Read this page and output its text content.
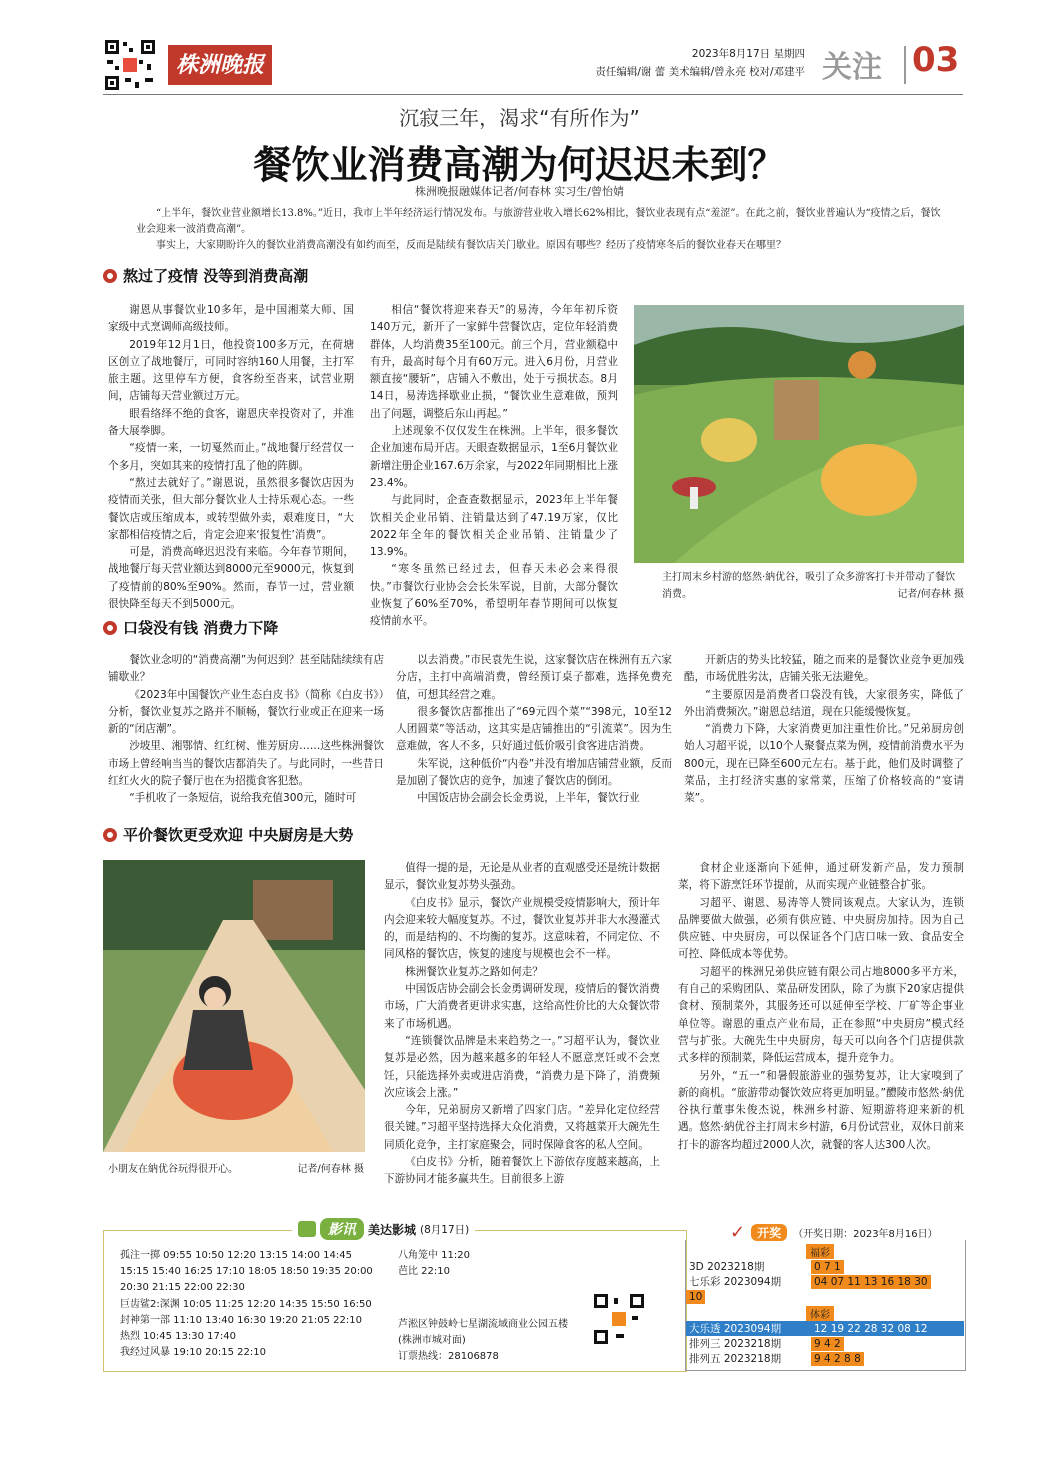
株洲晚报	2023年8月17日 星期四
责任编辑/谢 蕾 美术编辑/曾永亮 校对/邓建平 关注 03
沉寂三年，渴求“有所作为”
餐饮业消费高潮为何迟迟未到？
株洲晚报融媒体记者/何春林 实习生/曾怡婧
“上半年，餐饮业营业额增长13.8%。”近日，我市上半年经济运行情况发布。与旅游营业收入增长62%相比，餐饮业表现有点“羞涩”。在此之前，餐饮业普遍认为“疫情之后，餐饮业会迎来一波消费高潮”。
事实上，大家期盼许久的餐饮业消费高潮没有如约而至，反而是陆续有餐饮店关门歇业。原因有哪些？经历了疫情寒冬后的餐饮业春天在哪里？
熬过了疫情 没等到消费高潮

谢恩从事餐饮业10多年，是中国湘菜大师、国家级中式烹调师高级技师。

2019年12月1日，他投资100多万元，在荷塘区创立了战地餐厅，可同时容纳160人用餐，主打军旅主题。这里停车方便，食客纷至沓来，试营业期间，店铺每天营业额过万元。

眼看络绎不绝的食客，谢恩庆幸投资对了，并准备大展拳脚。

“疫情一来，一切戛然而止。”战地餐厅经营仅一个多月，突如其来的疫情打乱了他的阵脚。

“熬过去就好了。”谢恩说，虽然很多餐饮店因为疫情而关张，但大部分餐饮业人士持乐观心态。一些餐饮店或压缩成本，或转型做外卖，艰难度日，“大家都相信疫情之后，肯定会迎来‘报复性’消费”。

可是，消费高峰迟迟没有来临。今年春节期间，战地餐厅每天营业额达到8000元至9000元，恢复到了疫情前的80%至90%。然而，春节一过，营业额很快降至每天不到5000元。

相信“餐饮将迎来春天”的易涛，今年年初斥资140万元，新开了一家鲜牛营餐饮店，定位年轻消费群体，人均消费35至100元。前三个月，营业额稳中有升，最高时每个月有60万元。进入6月份，月营业额直接“腰斩”，店铺入不敷出，处于亏损状态。8月14日，易涛选择歇业止损，“餐饮业生意难做，预判出了问题，调整后东山再起。”

上述现象不仅仅发生在株洲。上半年，很多餐饮企业加速布局开店。天眼查数据显示，1至6月餐饮业新增注册企业167.6万余家，与2022年同期相比上涨23.4%。

与此同时，企查查数据显示，2023年上半年餐饮相关企业吊销、注销量达到了47.19万家，仅比2022年全年的餐饮相关企业吊销、注销量少了13.9%。

“寒冬虽然已经过去，但春天未必会来得很快。”市餐饮行业协会会长朱军说，目前，大部分餐饮业恢复了60%至70%，希望明年春节期间可以恢复疫情前水平。

主打周末乡村游的悠然·納优谷，吸引了众多游客打卡并带动了餐饮消费。	记者/何春林 摄
口袋没有钱 消费力下降

餐饮业念叨的“消费高潮”为何迟到？甚至陆陆续续有店铺歇业？

《2023年中国餐饮产业生态白皮书》（简称《白皮书》）分析，餐饮业复苏之路并不顺畅，餐饮行业或正在迎来一场新的“闭店潮”。

沙坡里、湘鄂情、红红树、惟芳厨房……这些株洲餐饮市场上曾经响当当的餐饮店都消失了。与此同时，一些昔日红红火火的院子餐厅也在为招揽食客犯愁。

“手机收了一条短信，说给我充值300元，随时可

以去消费。”市民袁先生说，这家餐饮店在株洲有五六家分店，主打中高端消费，曾经预订桌子都难，选择免费充值，可想其经营之难。

很多餐饮店都推出了“69元四个菜”“398元，10至12人团圆菜”等活动，这其实是店铺推出的“引流菜”。因为生意难做，客人不多，只好通过低价吸引食客进店消费。

朱军说，这种低价“内卷”并没有增加店铺营业额，反而是加剧了餐饮店的竞争，加速了餐饮店的倒闭。

中国饭店协会副会长金勇说，上半年，餐饮行业

开新店的势头比较猛，随之而来的是餐饮业竞争更加残酷，市场优胜劣汰，店铺关张无法避免。

“主要原因是消费者口袋没有钱，大家很务实，降低了外出消费频次。”谢恩总结道，现在只能缓慢恢复。

“消费力下降，大家消费更加注重性价比。”兄弟厨房创始人习超平说，以10个人聚餐点菜为例，疫情前消费水平为800元，现在已降至600元左右。基于此，他们及时调整了菜品，主打经济实惠的家常菜，压缩了价格较高的“宴请菜”。

平价餐饮更受欢迎 中央厨房是大势
小朋友在納优谷玩得很开心。	记者/何春林 摄

值得一提的是，无论是从业者的直观感受还是统计数据显示，餐饮业复苏势头强劲。

《白皮书》显示，餐饮产业规模受疫情影响大，预计年内会迎来较大幅度复苏。不过，餐饮业复苏并非大水漫灌式的，而是结构的、不均衡的复苏。这意味着，不同定位、不同风格的餐饮店，恢复的速度与规模也会不一样。

株洲餐饮业复苏之路如何走？

中国饭店协会副会长金勇调研发现，疫情后的餐饮消费市场，广大消费者更讲求实惠，这给高性价比的大众餐饮带来了市场机遇。

“连锁餐饮品牌是未来趋势之一。”习超平认为，餐饮业复苏是必然，因为越来越多的年轻人不愿意烹饪或不会烹饪，只能选择外卖或进店消费，“消费力是下降了，消费频次应该会上涨。”

今年，兄弟厨房又新增了四家门店。“差异化定位经营很关键。”习超平坚持选择大众化消费，又将越菜开大碗先生同质化竞争，主打家庭聚会，同时保障食客的私人空间。

《白皮书》分析，随着餐饮上下游依存度越来越高，上下游协同才能多赢共生。目前很多上游

食材企业逐渐向下延伸，通过研发新产品，发力预制菜，将下游烹饪环节提前，从而实现产业链整合扩张。

习超平、谢恩、易涛等人赞同该观点。大家认为，连锁品牌要做大做强，必须有供应链、中央厨房加持。因为自己供应链、中央厨房，可以保证各个门店口味一致、食品安全可控、降低成本等优势。

习超平的株洲兄弟供应链有限公司占地8000多平方米，有自己的采购团队、菜品研发团队，除了为旗下20家店提供食材、预制菜外，其服务还可以延伸至学校、厂矿等企事业单位等。谢恩的重点产业布局，正在参照“中央厨房”模式经营与扩张。大碗先生中央厨房，每天可以向各个门店提供款式多样的预制菜，降低运营成本，提升竞争力。

另外，“五一”和暑假旅游业的强势复苏，让大家嗅到了新的商机。“旅游带动餐饮效应将更加明显。”醴陵市悠然·納优谷执行董事朱俊杰说，株洲乡村游、短期游将迎来新的机遇。悠然·納优谷主打周末乡村游，6月份试营业，双休日前来打卡的游客均超过2000人次，就餐的客人达300人次。

影讯	美达影城 (8月17日)
孤注一掷 09:55 10:50 12:20 13:15 14:00 14:45
15:15 15:40 16:25 17:10 18:05 18:50 19:35 20:00
20:30 21:15 22:00 22:30
巨齿鲨2:深渊 10:05 11:25 12:20 14:35 15:50 16:50
封神第一部 11:10 13:40 16:30 19:20 21:05 22:10
热烈 10:45 13:30 17:40
我经过风暴 19:10 20:15 22:10
八角笼中 11:20
芭比 22:10
芦淞区钟鼓岭七星湖流域商业公园五楼(株洲市城对面)
订票热线：28106878
✓	开奖	（开奖日期：2023年8月16日）
福彩
3D 2023218期	0 7 1
七乐彩 2023094期	04 07 11 13 16 18 30
10
体彩
大乐透 2023094期	12 19 22 28 32 08 12
排列三 2023218期	9 4 2
排列五 2023218期	9 4 2 8 8
